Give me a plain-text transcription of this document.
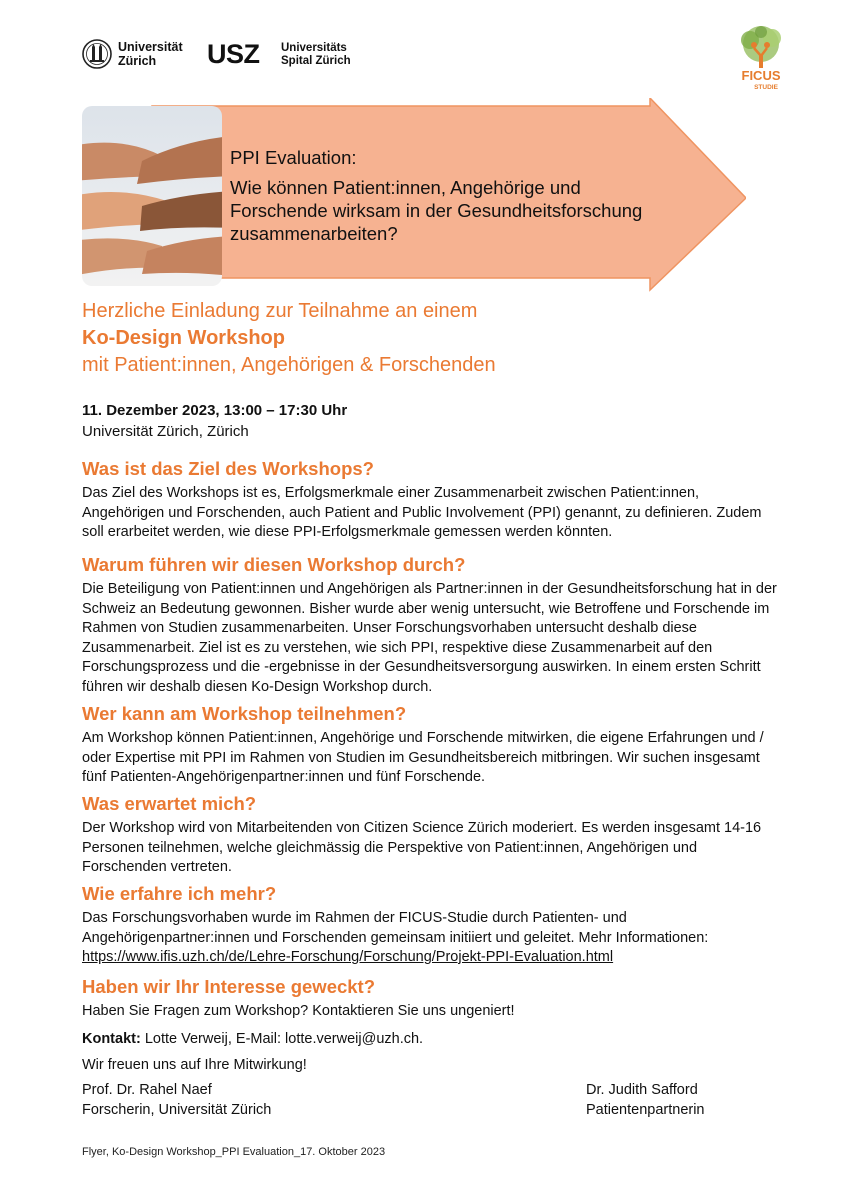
Universität
Zürich	USZ Universitäts
Spital Zürich
FICUS
STUDIE
PPI Evaluation:
Wie können Patient:innen, Angehörige und Forschende wirksam in der Gesundheitsforschung zusammenarbeiten?
Herzliche Einladung zur Teilnahme an einem
Ko-Design Workshop
mit Patient:innen, Angehörigen & Forschenden
11. Dezember 2023, 13:00 – 17:30 Uhr
Universität Zürich, Zürich
Was ist das Ziel des Workshops?

Das Ziel des Workshops ist es, Erfolgsmerkmale einer Zusammenarbeit zwischen Patient:innen, Angehörigen und Forschenden, auch Patient and Public Involvement (PPI) genannt, zu definieren. Zudem soll erarbeitet werden, wie diese PPI-Erfolgsmerkmale gemessen werden könnten.

Warum führen wir diesen Workshop durch?

Die Beteiligung von Patient:innen und Angehörigen als Partner:innen in der Gesundheitsforschung hat in der Schweiz an Bedeutung gewonnen. Bisher wurde aber wenig untersucht, wie Betroffene und Forschende im Rahmen von Studien zusammenarbeiten. Unser Forschungsvorhaben untersucht deshalb diese Zusammenarbeit. Ziel ist es zu verstehen, wie sich PPI, respektive diese Zusammenarbeit auf den Forschungsprozess und die -ergebnisse in der Gesundheitsversorgung auswirken. In einem ersten Schritt führen wir deshalb diesen Ko-Design Workshop durch.

Wer kann am Workshop teilnehmen?

Am Workshop können Patient:innen, Angehörige und Forschende mitwirken, die eigene Erfahrungen und / oder Expertise mit PPI im Rahmen von Studien im Gesundheitsbereich mitbringen. Wir suchen insgesamt fünf Patienten-Angehörigenpartner:innen und fünf Forschende.

Was erwartet mich?

Der Workshop wird von Mitarbeitenden von Citizen Science Zürich moderiert. Es werden insgesamt 14-16 Personen teilnehmen, welche gleichmässig die Perspektive von Patient:innen, Angehörigen und Forschenden vertreten.

Wie erfahre ich mehr?

Das Forschungsvorhaben wurde im Rahmen der FICUS-Studie durch Patienten- und Angehörigenpartner:innen und Forschenden gemeinsam initiiert und geleitet. Mehr Informationen:
https://www.ifis.uzh.ch/de/Lehre-Forschung/Forschung/Projekt-PPI-Evaluation.html

Haben wir Ihr Interesse geweckt?

Haben Sie Fragen zum Workshop? Kontaktieren Sie uns ungeniert!

Kontakt: Lotte Verweij, E-Mail: lotte.verweij@uzh.ch.
Wir freuen uns auf Ihre Mitwirkung!
Prof. Dr. Rahel Naef
Forscherin, Universität Zürich
Dr. Judith Safford
Patientenpartnerin
Flyer, Ko-Design Workshop_PPI Evaluation_17. Oktober 2023
